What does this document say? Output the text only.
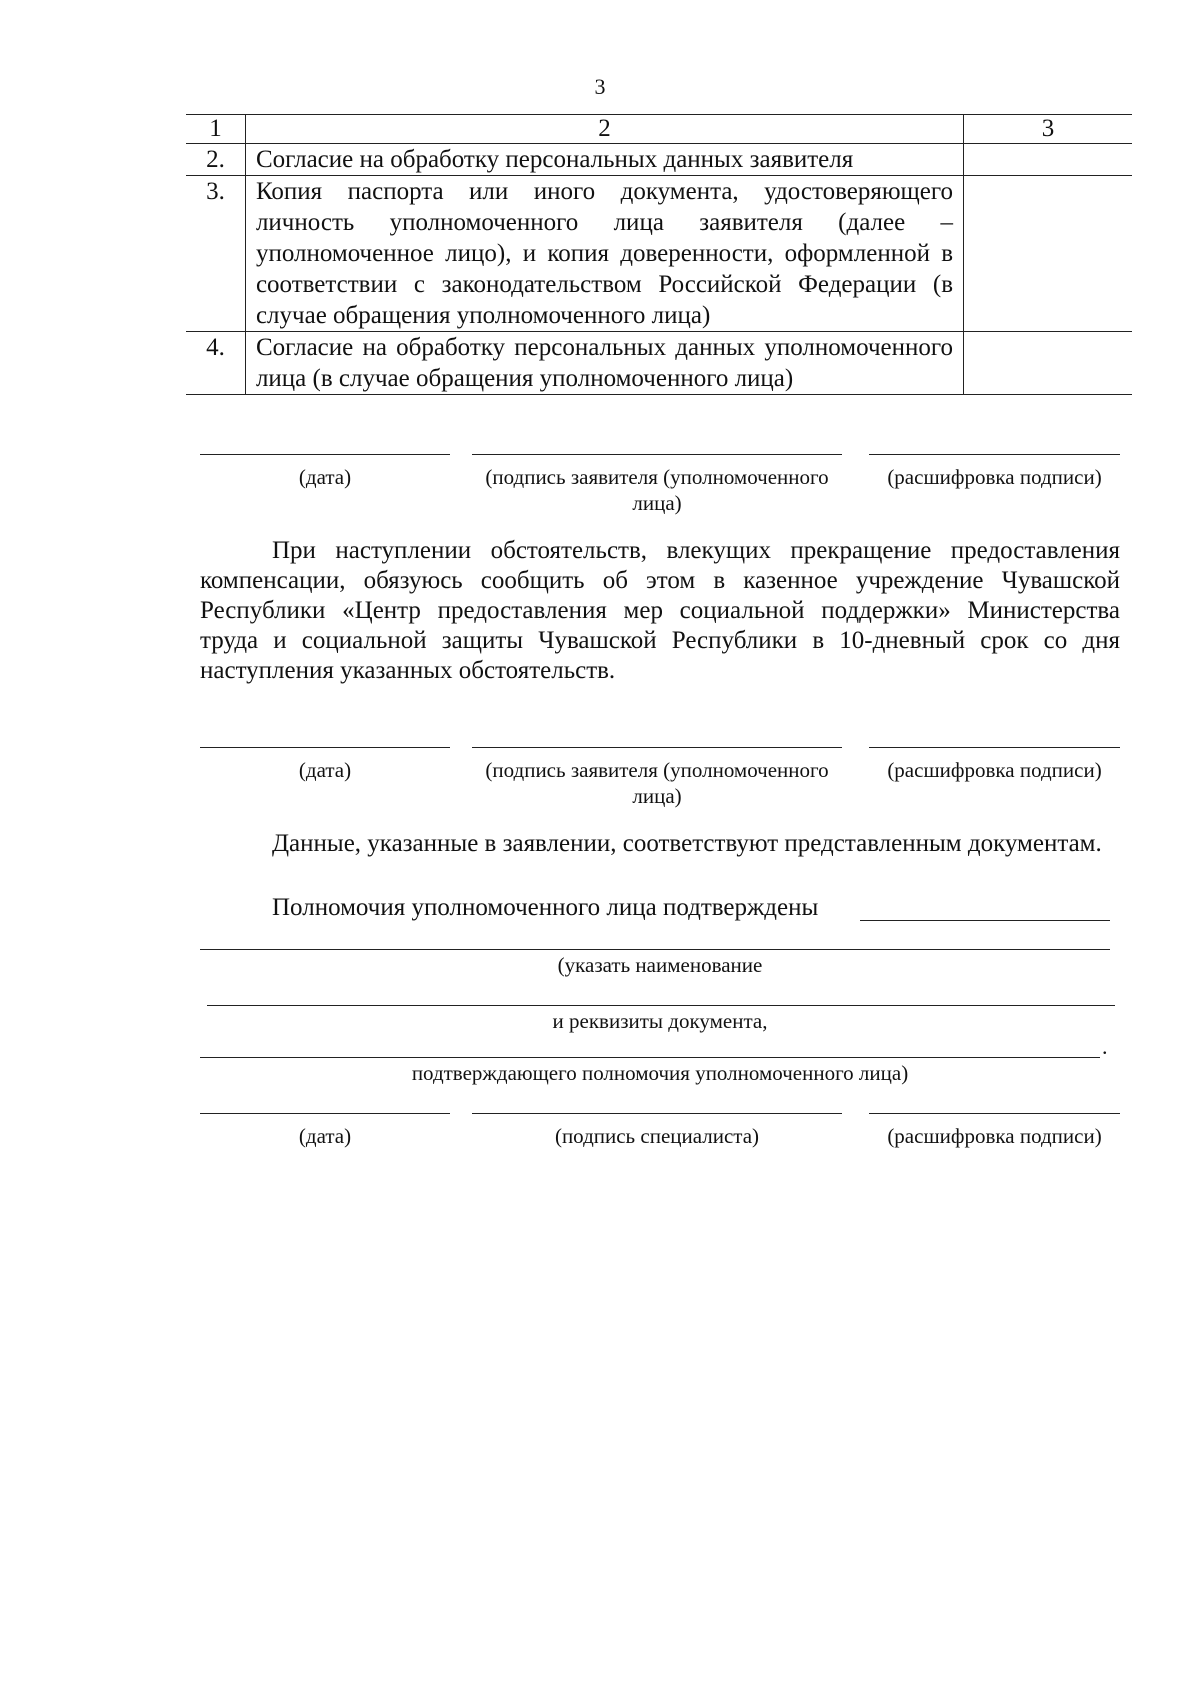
3
1	2	3
2.	Согласие на обработку персональных данных заявителя	

3.	Копия паспорта или иного документа, удостоверяющего личность уполномоченного лица заявителя (далее – уполномоченное лицо), и копия доверенности, оформленной в соответствии с законодательством Российской Федерации (в случае обращения уполномоченного лица)	

4.	Согласие на обработку персональных данных уполномоченного лица (в случае обращения уполномоченного лица)	

(дата)	(подпись заявителя (уполномоченного лица)
(расшифровка подписи)

При наступлении обстоятельств, влекущих прекращение предоставления компенсации, обязуюсь сообщить об этом в казенное учреждение Чувашской Республики «Центр предоставления мер социальной поддержки» Министерства труда и социальной защиты Чувашской Республики в 10-дневный срок со дня наступления указанных обстоятельств.

(дата)	(подпись заявителя (уполномоченного лица)
(расшифровка подписи)

Данные, указанные в заявлении, соответствуют представленным документам.

Полномочия уполномоченного лица подтверждены

(указать наименование
и реквизиты документа,
.
подтверждающего полномочия уполномоченного лица)
(дата)	(подпись специалиста)	(расшифровка подписи)
